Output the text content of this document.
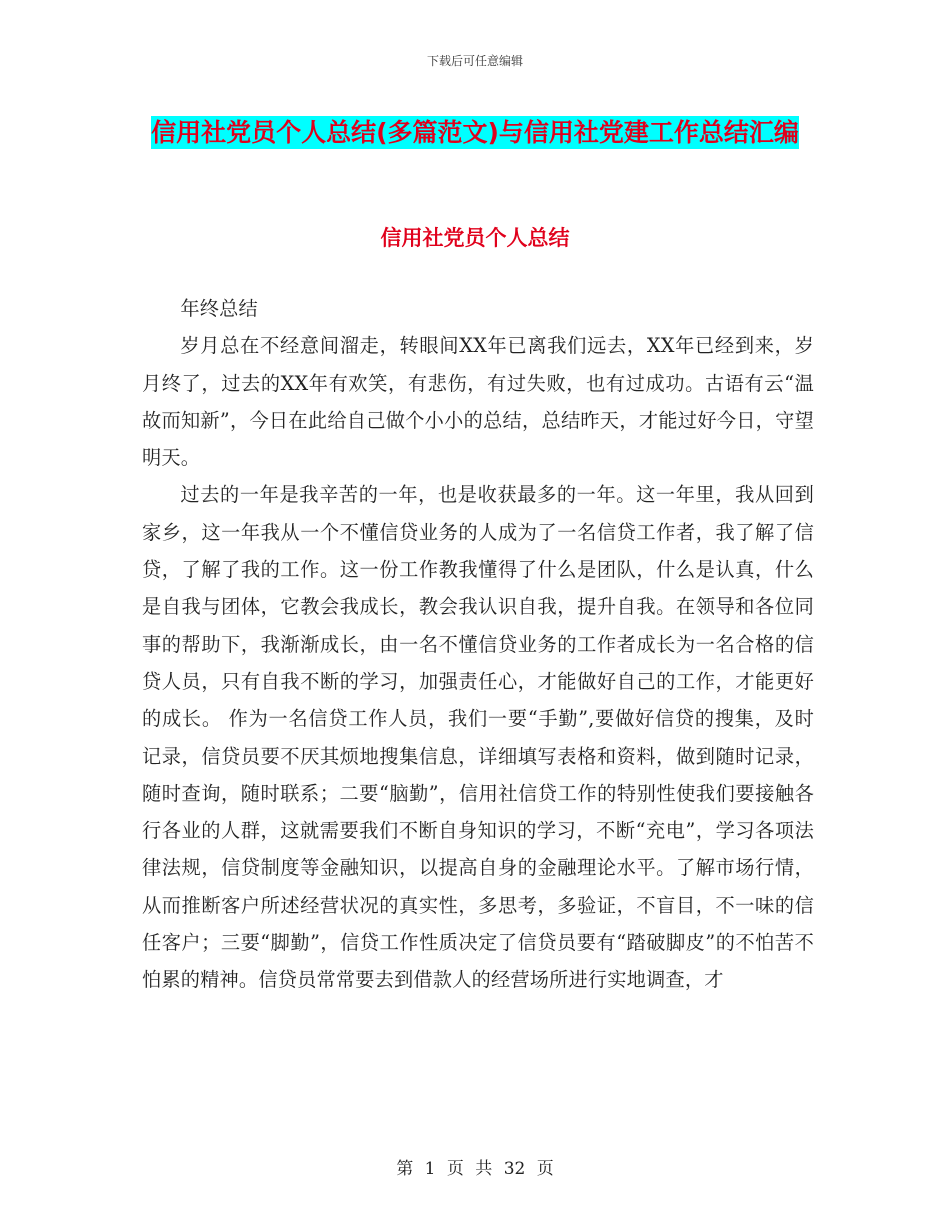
下载后可任意编辑
信用社党员个人总结(多篇范文)与信用社党建工作总结汇编
信用社党员个人总结

年终总结

岁月总在不经意间溜走，转眼间XX年已离我们远去，XX年已经到来，岁月终了，过去的XX年有欢笑，有悲伤，有过失败，也有过成功。古语有云“温故而知新”，今日在此给自己做个小小的总结，总结昨天，才能过好今日，守望明天。

过去的一年是我辛苦的一年，也是收获最多的一年。这一年里，我从回到家乡，这一年我从一个不懂信贷业务的人成为了一名信贷工作者，我了解了信贷，了解了我的工作。这一份工作教我懂得了什么是团队，什么是认真，什么是自我与团体，它教会我成长，教会我认识自我，提升自我。在领导和各位同事的帮助下，我渐渐成长，由一名不懂信贷业务的工作者成长为一名合格的信贷人员，只有自我不断的学习，加强责任心，才能做好自己的工作，才能更好的成长。 作为一名信贷工作人员，我们一要“手勤”,要做好信贷的搜集，及时记录，信贷员要不厌其烦地搜集信息，详细填写表格和资料，做到随时记录，随时查询，随时联系；二要“脑勤”，信用社信贷工作的特别性使我们要接触各行各业的人群，这就需要我们不断自身知识的学习，不断“充电”，学习各项法律法规，信贷制度等金融知识，以提高自身的金融理论水平。了解市场行情，从而推断客户所述经营状况的真实性，多思考，多验证，不盲目，不一味的信任客户；三要“脚勤”，信贷工作性质决定了信贷员要有“踏破脚皮”的不怕苦不怕累的精神。信贷员常常要去到借款人的经营场所进行实地调查，才

第 1 页 共 32 页
